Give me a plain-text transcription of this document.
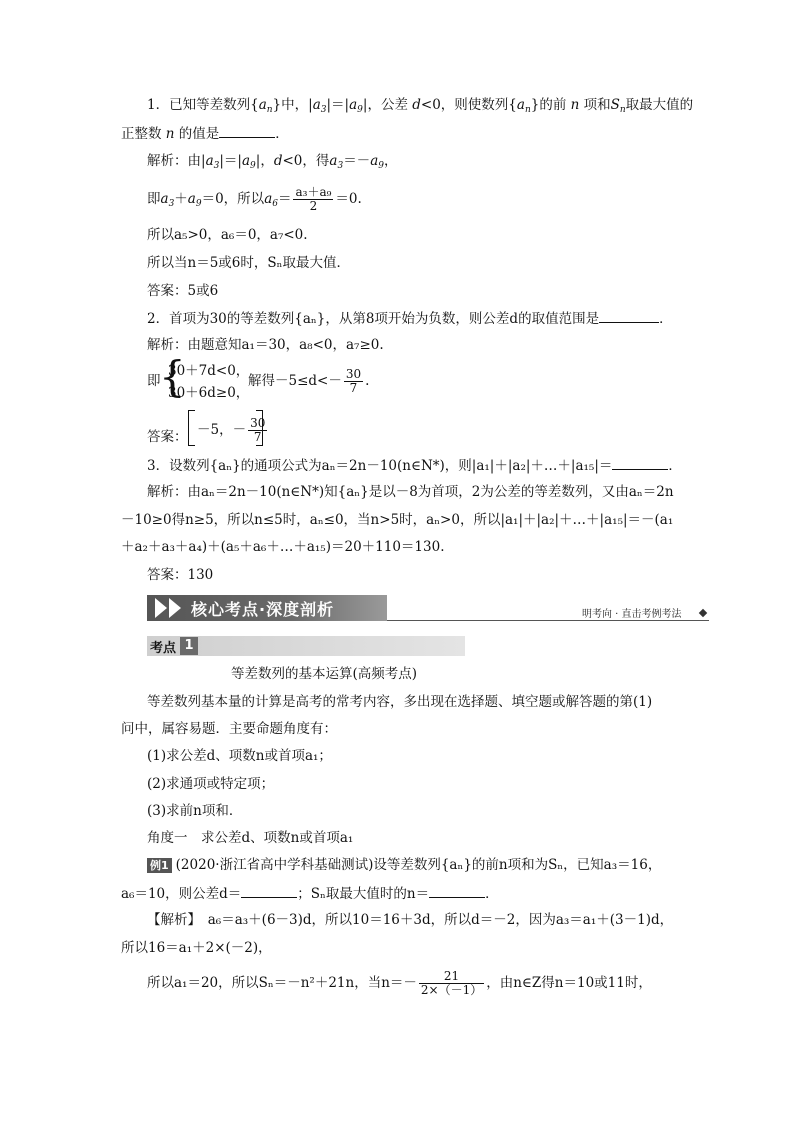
1．已知等差数列$\{a_n\}$中，$|a_3|=|a_9|$，公差 d<0，则使数列$\{a_n\}$的前 n 项和$S_n$取最大值的
正整数 n 的值是	．
解析：由$|a_3|=|a_9|$，d<0，得$a_3=-a_9$，
即$a_3+a_9=0$，所以$a_6= \frac{\text{a₃＋a₉}}{2} =0$.
所以a₅>0，a₆＝0，a₇<0.
所以当n＝5或6时，Sₙ取最大值．
答案：5或6
2．首项为30的等差数列{aₙ}，从第8项开始为负数，则公差d的取值范围是	．
解析：由题意知a₁＝30，a₈<0，a₇≥0.
即
{
30＋7d<0，
30＋6d≥0，
解得$-5\le d<- \frac{30}{7}$ .
答案： －5，－ $\frac{30}{7}$
3．设数列{aₙ}的通项公式为aₙ＝2n－10(n∈N*)，则|a₁|＋|a₂|＋…＋|a₁₅|＝	．
解析：由aₙ＝2n－10(n∈N*)知{aₙ}是以－8为首项，2为公差的等差数列，又由aₙ＝2n
－10≥0得n≥5，所以n≤5时，aₙ≤0，当n>5时，aₙ>0，所以|a₁|＋|a₂|＋…＋|a₁₅|＝－(a₁
＋a₂＋a₃＋a₄)＋(a₅＋a₆＋…＋a₁₅)＝20＋110＝130.
答案：130
核心考点·深度剖析	明考向 · 直击考例考法
考点 1
等差数列的基本运算(高频考点)
等差数列基本量的计算是高考的常考内容，多出现在选择题、填空题或解答题的第(1)
问中，属容易题．主要命题角度有：
(1)求公差d、项数n或首项a₁；
(2)求通项或特定项；
(3)求前n项和．
角度一　求公差d、项数n或首项a₁
例1 (2020·浙江省高中学科基础测试)设等差数列{aₙ}的前n项和为Sₙ，已知a₃＝16，
a₆＝10，则公差d＝	；Sₙ取最大值时的n＝	．
【解析】　a₆＝a₃＋(6－3)d，所以10＝16＋3d，所以d＝－2，因为a₃＝a₁＋(3－1)d，
所以16＝a₁＋2×(－2)，
所以a₁＝20，所以Sₙ＝－n²＋21n，当$n=- \frac{21}{2\times(-1)}$ ，由n∈Z得n＝10或11时，
